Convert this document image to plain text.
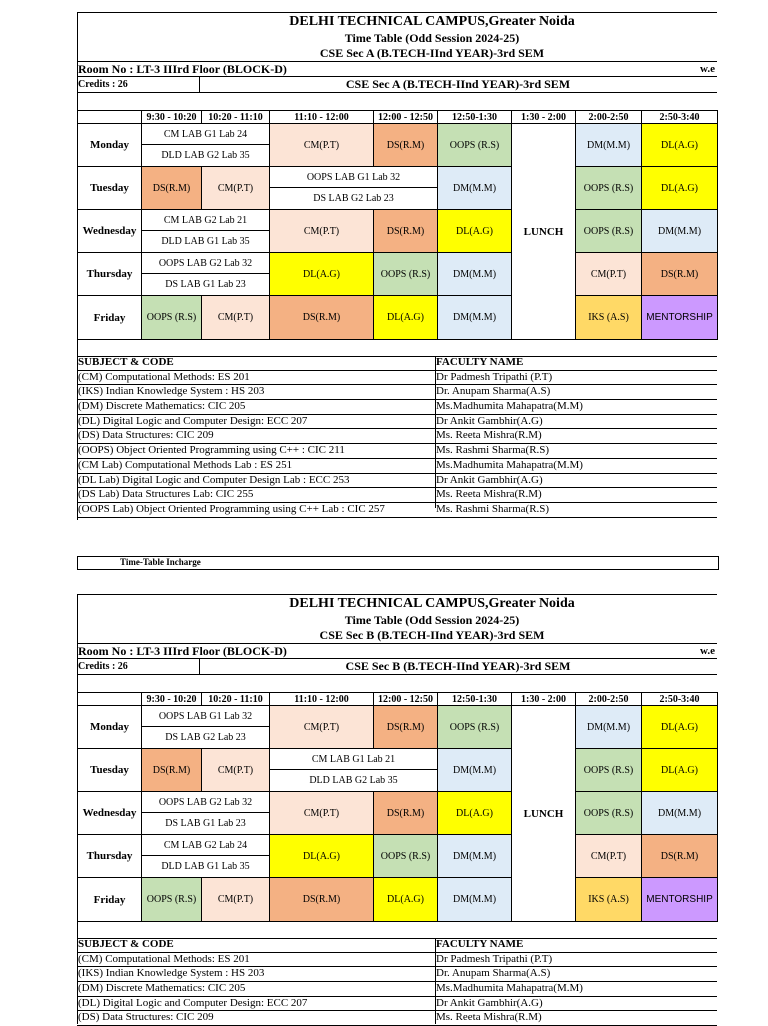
DELHI TECHNICAL CAMPUS,Greater Noida
Time Table (Odd Session 2024-25)
CSE Sec A (B.TECH-IInd YEAR)-3rd SEM
Room No : LT-3 IIIrd Floor (BLOCK-D)	w.e
Credits : 26	CSE Sec A (B.TECH-IInd YEAR)-3rd SEM
	9:30 - 10:20	10:20 - 11:10	11:10 - 12:00	12:00 - 12:50	12:50-1:30	1:30 - 2:00	2:00-2:50	2:50-3:40
Monday	CM LAB G1 Lab 24		CM(P.T)	DS(R.M)	OOPS (R.S)	LUNCH	DM(M.M)	DL(A.G)
	DLD LAB G2 Lab 35							
Tuesday	DS(R.M)	CM(P.T)	OOPS LAB G1 Lab 32		DM(M.M)		OOPS (R.S)	DL(A.G)
			DS LAB G2 Lab 23					
Wednesday	CM LAB G2 Lab 21		CM(P.T)	DS(R.M)	DL(A.G)		OOPS (R.S)	DM(M.M)
	DLD LAB G1 Lab 35							
Thursday	OOPS LAB G2 Lab 32		DL(A.G)	OOPS (R.S)	DM(M.M)		CM(P.T)	DS(R.M)
	DS LAB G1 Lab 23							
Friday	OOPS (R.S)	CM(P.T)	DS(R.M)	DL(A.G)	DM(M.M)		IKS (A.S)	MENTORSHIP

SUBJECT & CODE	FACULTY NAME
(CM) Computational Methods: ES 201	Dr Padmesh Tripathi (P.T)
(IKS) Indian Knowledge System : HS 203	Dr. Anupam Sharma(A.S)
(DM) Discrete Mathematics: CIC 205	Ms.Madhumita Mahapatra(M.M)
(DL) Digital Logic and Computer Design: ECC 207	Dr Ankit Gambhir(A.G)
(DS) Data Structures: CIC 209	Ms. Reeta Mishra(R.M)
(OOPS) Object Oriented Programming using C++ : CIC 211	Ms. Rashmi Sharma(R.S)
(CM Lab) Computational Methods Lab : ES 251	Ms.Madhumita Mahapatra(M.M)
(DL Lab) Digital Logic and Computer Design Lab : ECC 253	Dr Ankit Gambhir(A.G)
(DS Lab) Data Structures Lab: CIC 255	Ms. Reeta Mishra(R.M)
(OOPS Lab) Object Oriented Programming using C++ Lab : CIC 257	Ms. Rashmi Sharma(R.S)
Time-Table Incharge
DELHI TECHNICAL CAMPUS,Greater Noida
Time Table (Odd Session 2024-25)
CSE Sec B (B.TECH-IInd YEAR)-3rd SEM
Room No : LT-3 IIIrd Floor (BLOCK-D)	w.e
Credits : 26	CSE Sec B (B.TECH-IInd YEAR)-3rd SEM
	9:30 - 10:20	10:20 - 11:10	11:10 - 12:00	12:00 - 12:50	12:50-1:30	1:30 - 2:00	2:00-2:50	2:50-3:40
Monday	OOPS LAB G1 Lab 32		CM(P.T)	DS(R.M)	OOPS (R.S)	LUNCH	DM(M.M)	DL(A.G)
	DS LAB G2 Lab 23							
Tuesday	DS(R.M)	CM(P.T)	CM LAB G1 Lab 21		DM(M.M)		OOPS (R.S)	DL(A.G)
			DLD LAB G2 Lab 35					
Wednesday	OOPS LAB G2 Lab 32		CM(P.T)	DS(R.M)	DL(A.G)		OOPS (R.S)	DM(M.M)
	DS LAB G1 Lab 23							
Thursday	CM LAB G2 Lab 24		DL(A.G)	OOPS (R.S)	DM(M.M)		CM(P.T)	DS(R.M)
	DLD LAB G1 Lab 35							
Friday	OOPS (R.S)	CM(P.T)	DS(R.M)	DL(A.G)	DM(M.M)		IKS (A.S)	MENTORSHIP

SUBJECT & CODE	FACULTY NAME
(CM) Computational Methods: ES 201	Dr Padmesh Tripathi (P.T)
(IKS) Indian Knowledge System : HS 203	Dr. Anupam Sharma(A.S)
(DM) Discrete Mathematics: CIC 205	Ms.Madhumita Mahapatra(M.M)
(DL) Digital Logic and Computer Design: ECC 207	Dr Ankit Gambhir(A.G)
(DS) Data Structures: CIC 209	Ms. Reeta Mishra(R.M)
